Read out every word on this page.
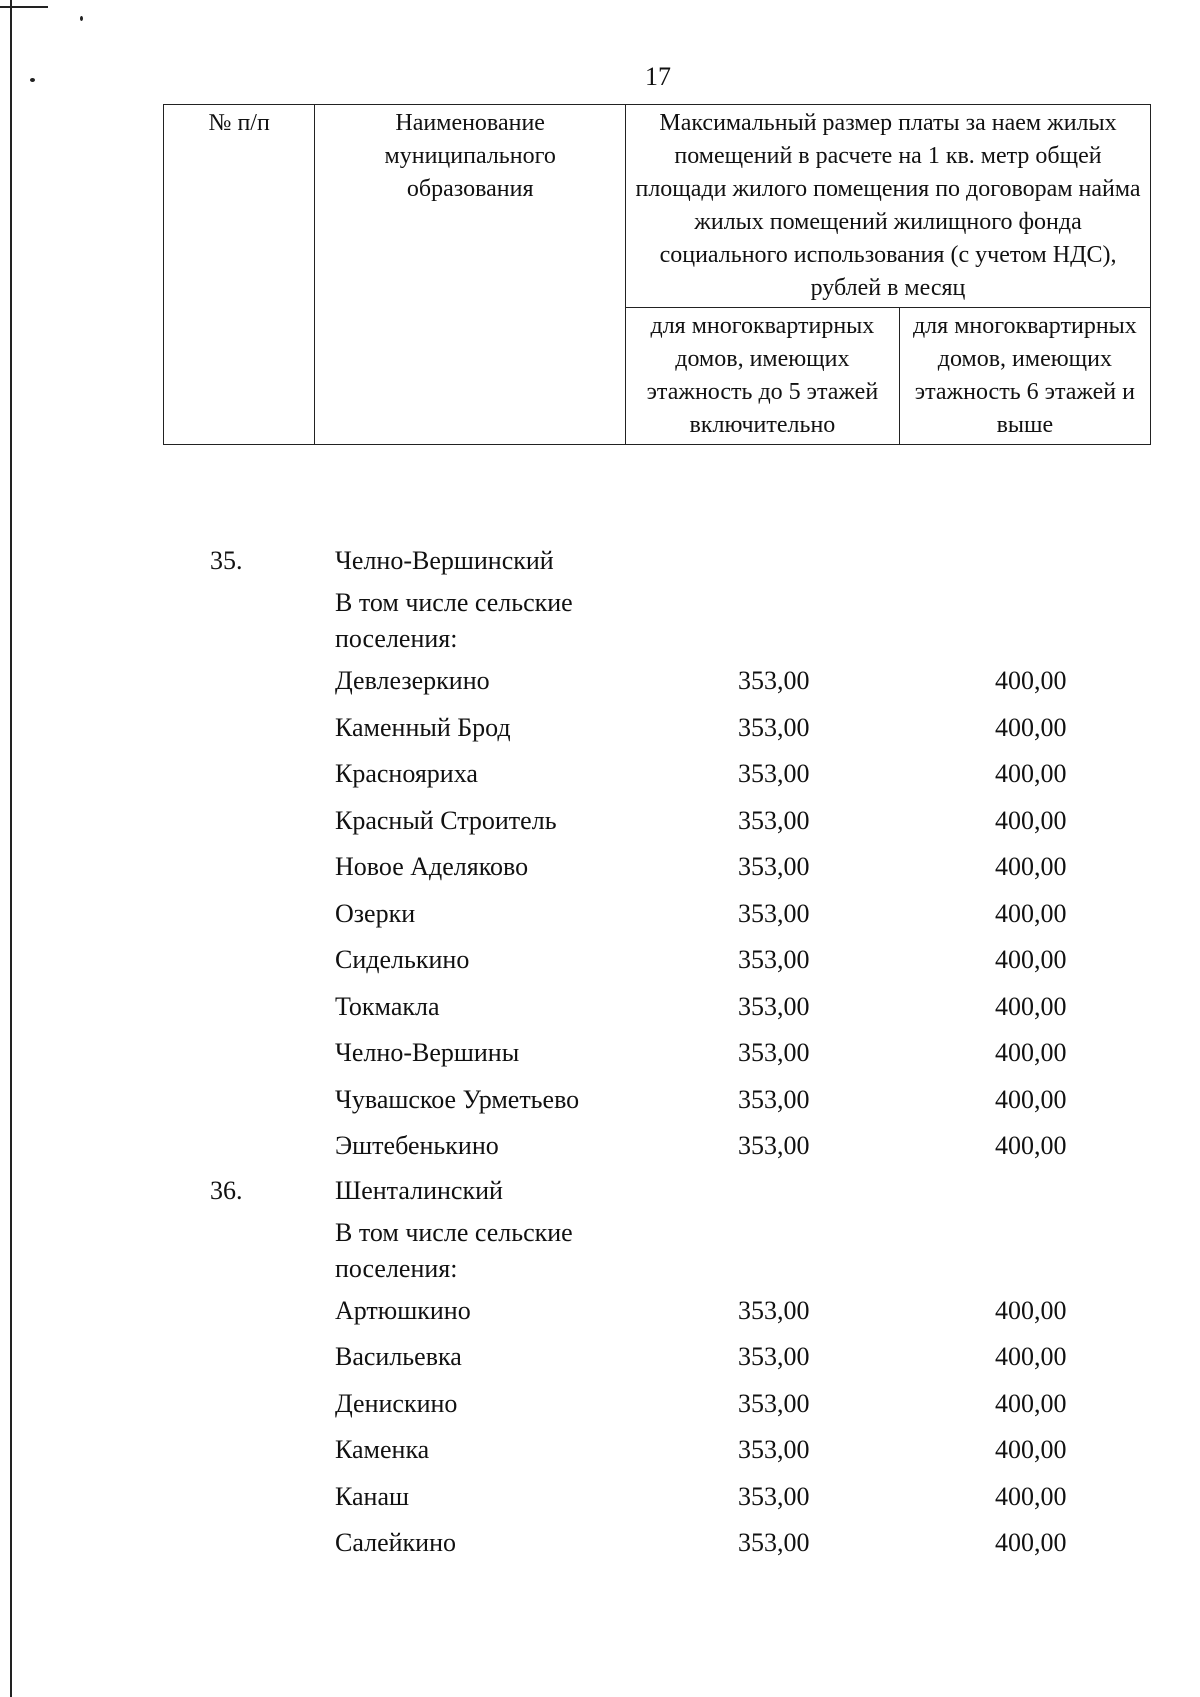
17
№ п/п	Наименование муниципального образования	Максимальный размер платы за наем жилых помещений в расчете на 1 кв. метр общей площади жилого помещения по договорам найма жилых помещений жилищного фонда социального использования (с учетом НДС), рублей в месяц	
		для многоквартирных домов, имеющих этажность до 5 этажей включительно	для многоквартирных домов, имеющих этажность 6 этажей и выше
35.	Челно-Вершинский
В том числе сельские поселения:
Девлезеркино	353,00	400,00
Каменный Брод	353,00	400,00
Краснояриха	353,00	400,00
Красный Строитель	353,00	400,00
Новое Аделяково	353,00	400,00
Озерки	353,00	400,00
Сиделькино	353,00	400,00
Токмакла	353,00	400,00
Челно-Вершины	353,00	400,00
Чувашское Урметьево	353,00	400,00
Эштебенькино	353,00	400,00
36.	Шенталинский
В том числе сельские поселения:
Артюшкино	353,00	400,00
Васильевка	353,00	400,00
Денискино	353,00	400,00
Каменка	353,00	400,00
Канаш	353,00	400,00
Салейкино	353,00	400,00
